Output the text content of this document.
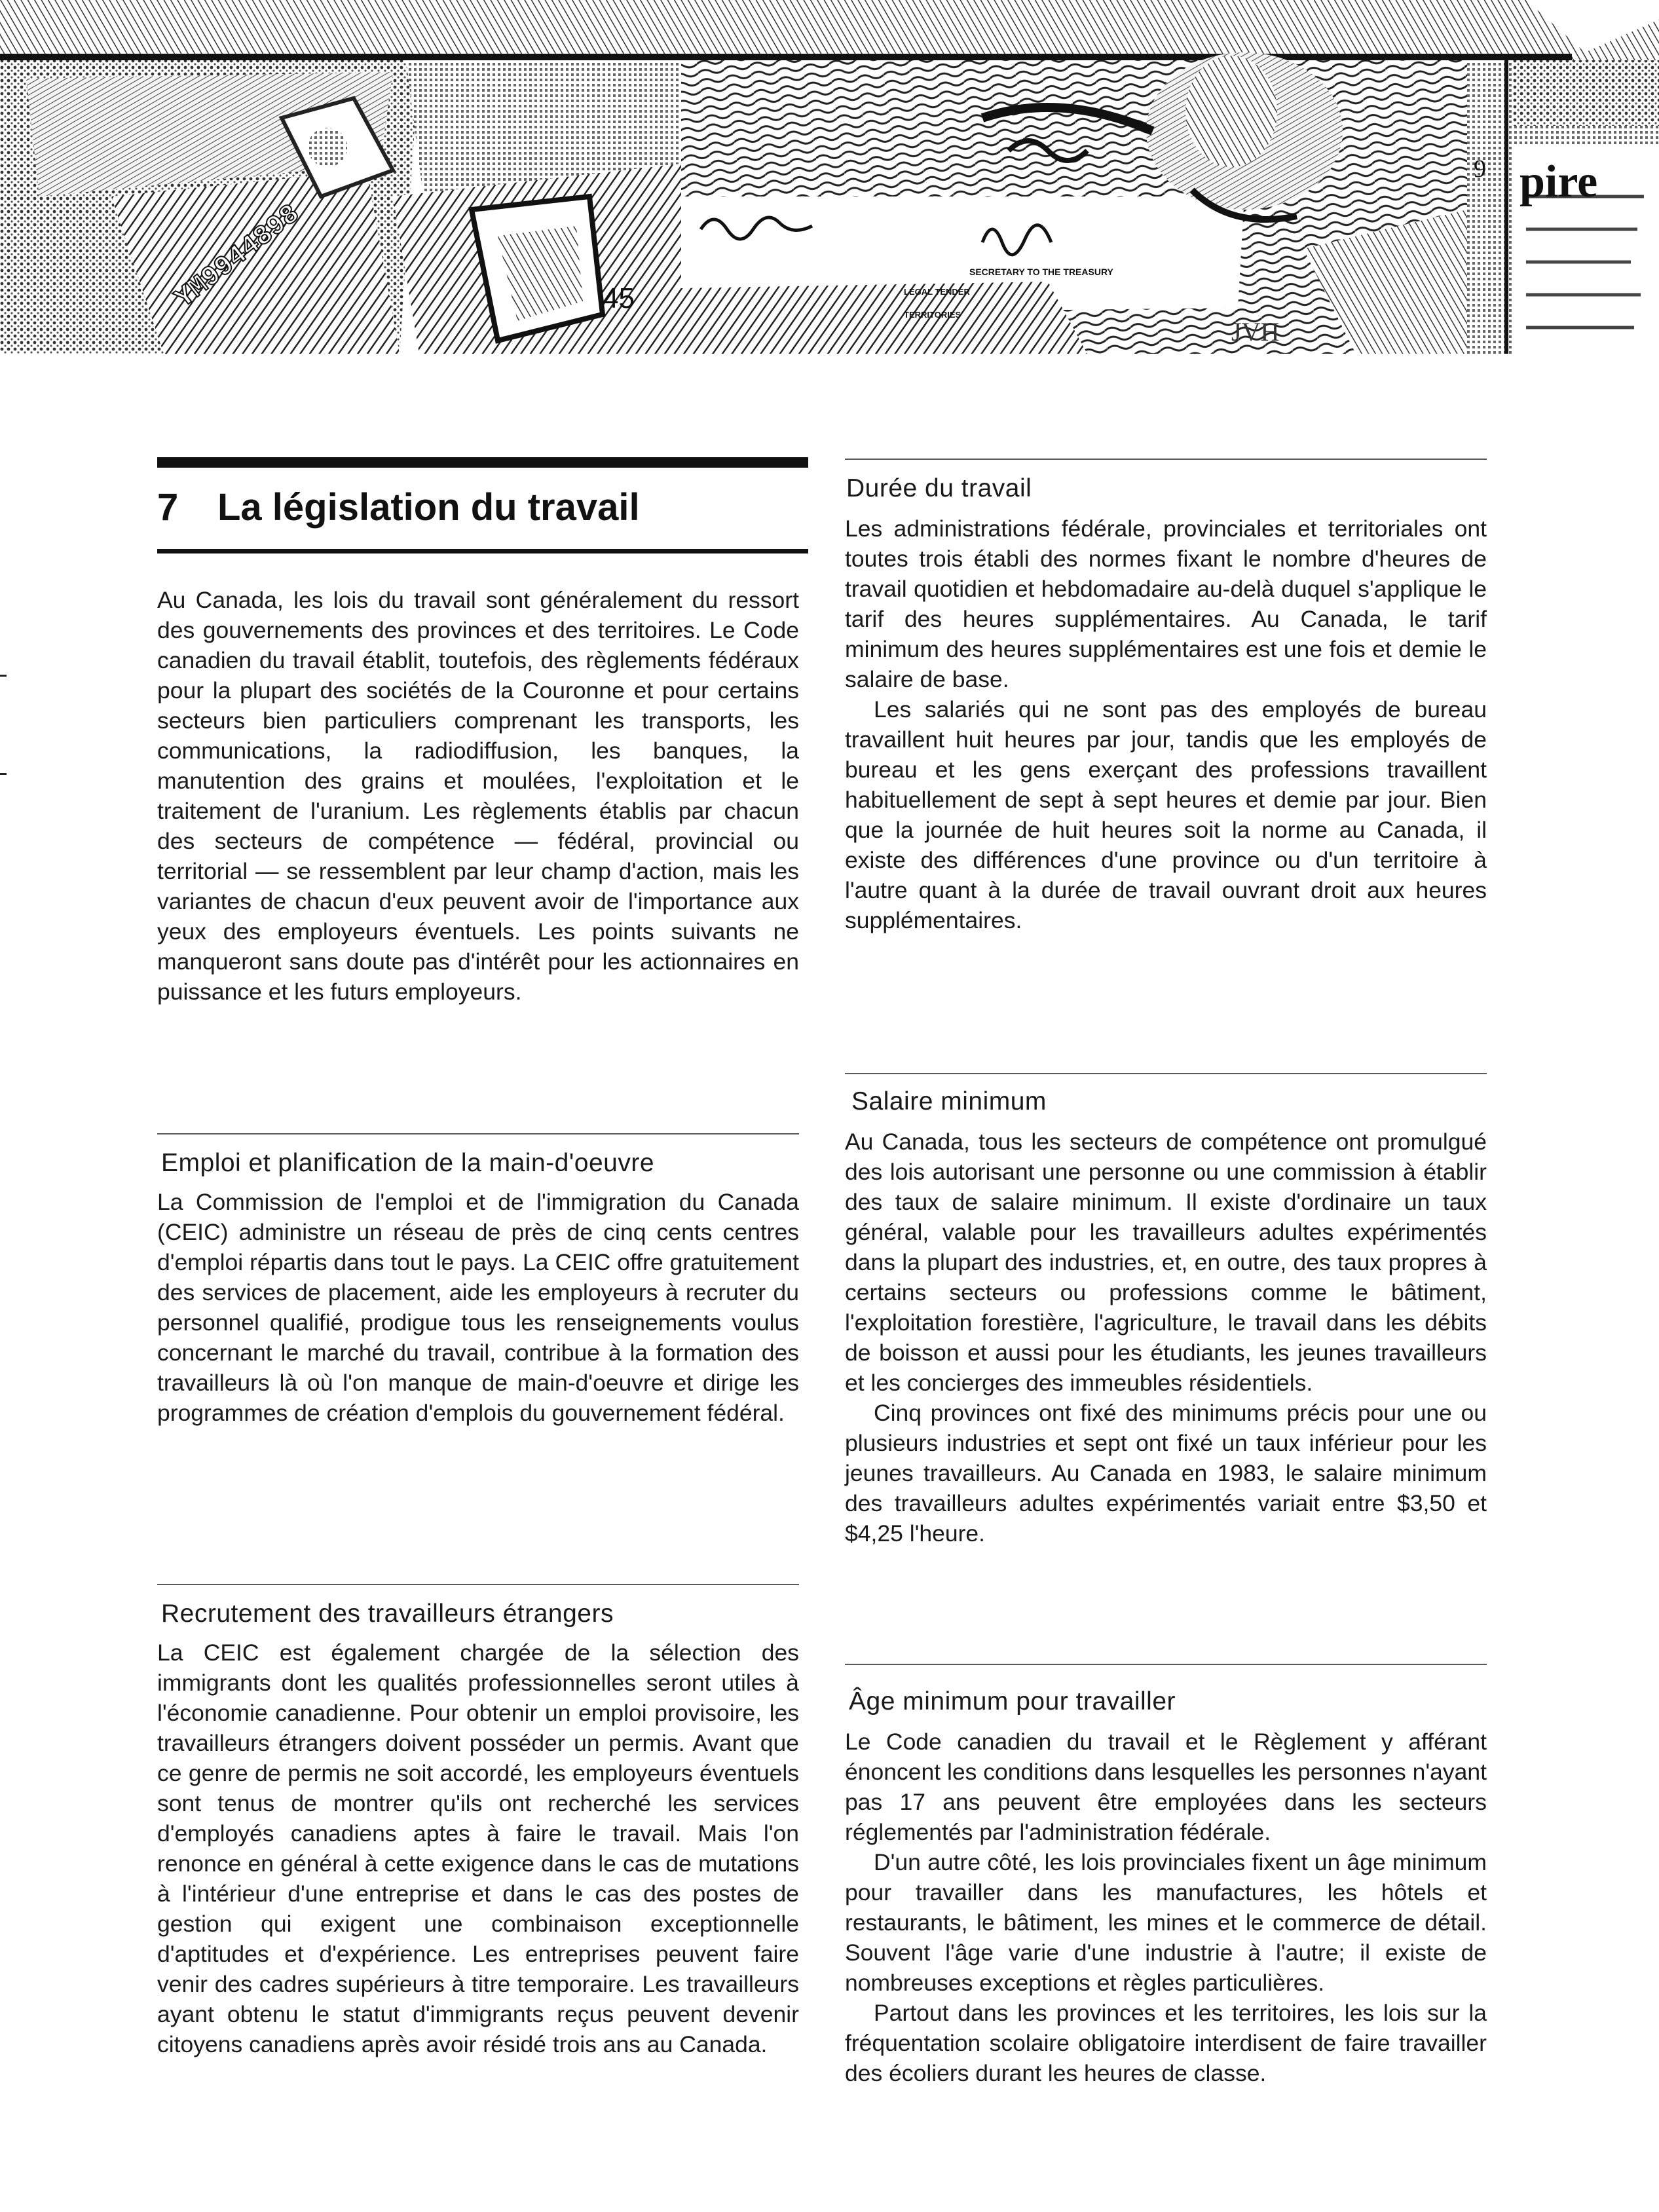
YM9944898	45
SECRETARY TO THE TREASURY
LEGAL TENDER
TERRITORIES
JVH
9 pire
7 La législation du travail

Au Canada, les lois du travail sont généralement du ressort des gouvernements des provinces et des territoires. Le Code canadien du travail établit, toutefois, des règlements fédéraux pour la plupart des sociétés de la Couronne et pour certains secteurs bien particuliers comprenant les transports, les communications, la radiodiffusion, les banques, la manutention des grains et moulées, l'exploitation et le traitement de l'uranium. Les règlements établis par chacun des secteurs de compétence — fédéral, provincial ou territorial — se ressemblent par leur champ d'action, mais les variantes de chacun d'eux peuvent avoir de l'importance aux yeux des employeurs éventuels. Les points suivants ne manqueront sans doute pas d'intérêt pour les actionnaires en puissance et les futurs employeurs.

Emploi et planification de la main-d'oeuvre

La Commission de l'emploi et de l'immigration du Canada (CEIC) administre un réseau de près de cinq cents centres d'emploi répartis dans tout le pays. La CEIC offre gratuitement des services de placement, aide les employeurs à recruter du personnel qualifié, prodigue tous les renseignements voulus concernant le marché du travail, contribue à la formation des travailleurs là où l'on manque de main-d'oeuvre et dirige les programmes de création d'emplois du gouvernement fédéral.

Recrutement des travailleurs étrangers

La CEIC est également chargée de la sélection des immigrants dont les qualités professionnelles seront utiles à l'économie canadienne. Pour obtenir un emploi provisoire, les travailleurs étrangers doivent posséder un permis. Avant que ce genre de permis ne soit accordé, les employeurs éventuels sont tenus de montrer qu'ils ont recherché les services d'employés canadiens aptes à faire le travail. Mais l'on renonce en général à cette exigence dans le cas de mutations à l'intérieur d'une entreprise et dans le cas des postes de gestion qui exigent une combinaison exceptionnelle d'aptitudes et d'expérience. Les entreprises peuvent faire venir des cadres supérieurs à titre temporaire. Les travailleurs ayant obtenu le statut d'immigrants reçus peuvent devenir citoyens canadiens après avoir résidé trois ans au Canada.

Durée du travail

Les administrations fédérale, provinciales et territoriales ont toutes trois établi des normes fixant le nombre d'heures de travail quotidien et hebdomadaire au-delà duquel s'applique le tarif des heures supplémentaires. Au Canada, le tarif minimum des heures supplémentaires est une fois et demie le salaire de base.

Les salariés qui ne sont pas des employés de bureau travaillent huit heures par jour, tandis que les employés de bureau et les gens exerçant des professions travaillent habituellement de sept à sept heures et demie par jour. Bien que la journée de huit heures soit la norme au Canada, il existe des différences d'une province ou d'un territoire à l'autre quant à la durée de travail ouvrant droit aux heures supplémentaires.

Salaire minimum

Au Canada, tous les secteurs de compétence ont promulgué des lois autorisant une personne ou une commission à établir des taux de salaire minimum. Il existe d'ordinaire un taux général, valable pour les travailleurs adultes expérimentés dans la plupart des industries, et, en outre, des taux propres à certains secteurs ou professions comme le bâtiment, l'exploitation forestière, l'agriculture, le travail dans les débits de boisson et aussi pour les étudiants, les jeunes travailleurs et les concierges des immeubles résidentiels.

Cinq provinces ont fixé des minimums précis pour une ou plusieurs industries et sept ont fixé un taux inférieur pour les jeunes travailleurs. Au Canada en 1983, le salaire minimum des travailleurs adultes expérimentés variait entre $3,50 et $4,25 l'heure.

Âge minimum pour travailler

Le Code canadien du travail et le Règlement y afférant énoncent les conditions dans lesquelles les personnes n'ayant pas 17 ans peuvent être employées dans les secteurs réglementés par l'administration fédérale.

D'un autre côté, les lois provinciales fixent un âge minimum pour travailler dans les manufactures, les hôtels et restaurants, le bâtiment, les mines et le commerce de détail. Souvent l'âge varie d'une industrie à l'autre; il existe de nombreuses exceptions et règles particulières.

Partout dans les provinces et les territoires, les lois sur la fréquentation scolaire obligatoire interdisent de faire travailler des écoliers durant les heures de classe.
